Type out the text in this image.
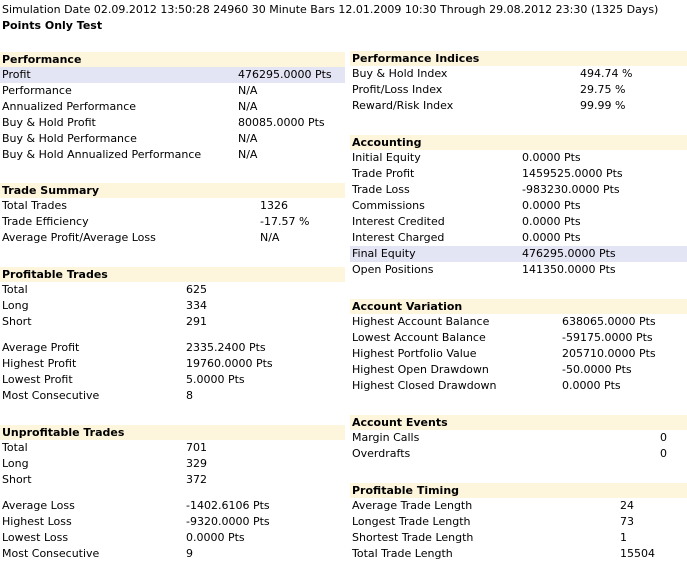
Simulation Date 02.09.2012 13:50:28 24960 30 Minute Bars 12.01.2009 10:30 Through 29.08.2012 23:30 (1325 Days)
Points Only Test
Performance
Profit	476295.0000 Pts
Performance	N/A
Annualized Performance	N/A
Buy & Hold Profit	80085.0000 Pts
Buy & Hold Performance	N/A
Buy & Hold Annualized Performance	N/A
Trade Summary
Total Trades	1326
Trade Efficiency	-17.57 %
Average Profit/Average Loss	N/A
Profitable Trades
Total	625
Long	334
Short	291
Average Profit	2335.2400 Pts
Highest Profit	19760.0000 Pts
Lowest Profit	5.0000 Pts
Most Consecutive	8
Unprofitable Trades
Total	701
Long	329
Short	372
Average Loss	-1402.6106 Pts
Highest Loss	-9320.0000 Pts
Lowest Loss	0.0000 Pts
Most Consecutive	9
Performance Indices
Buy & Hold Index	494.74 %
Profit/Loss Index	29.75 %
Reward/Risk Index	99.99 %
Accounting
Initial Equity	0.0000 Pts
Trade Profit	1459525.0000 Pts
Trade Loss	-983230.0000 Pts
Commissions	0.0000 Pts
Interest Credited	0.0000 Pts
Interest Charged	0.0000 Pts
Final Equity	476295.0000 Pts
Open Positions	141350.0000 Pts
Account Variation
Highest Account Balance	638065.0000 Pts
Lowest Account Balance	-59175.0000 Pts
Highest Portfolio Value	205710.0000 Pts
Highest Open Drawdown	-50.0000 Pts
Highest Closed Drawdown	0.0000 Pts
Account Events
Margin Calls	0
Overdrafts	0
Profitable Timing
Average Trade Length	24
Longest Trade Length	73
Shortest Trade Length	1
Total Trade Length	15504
